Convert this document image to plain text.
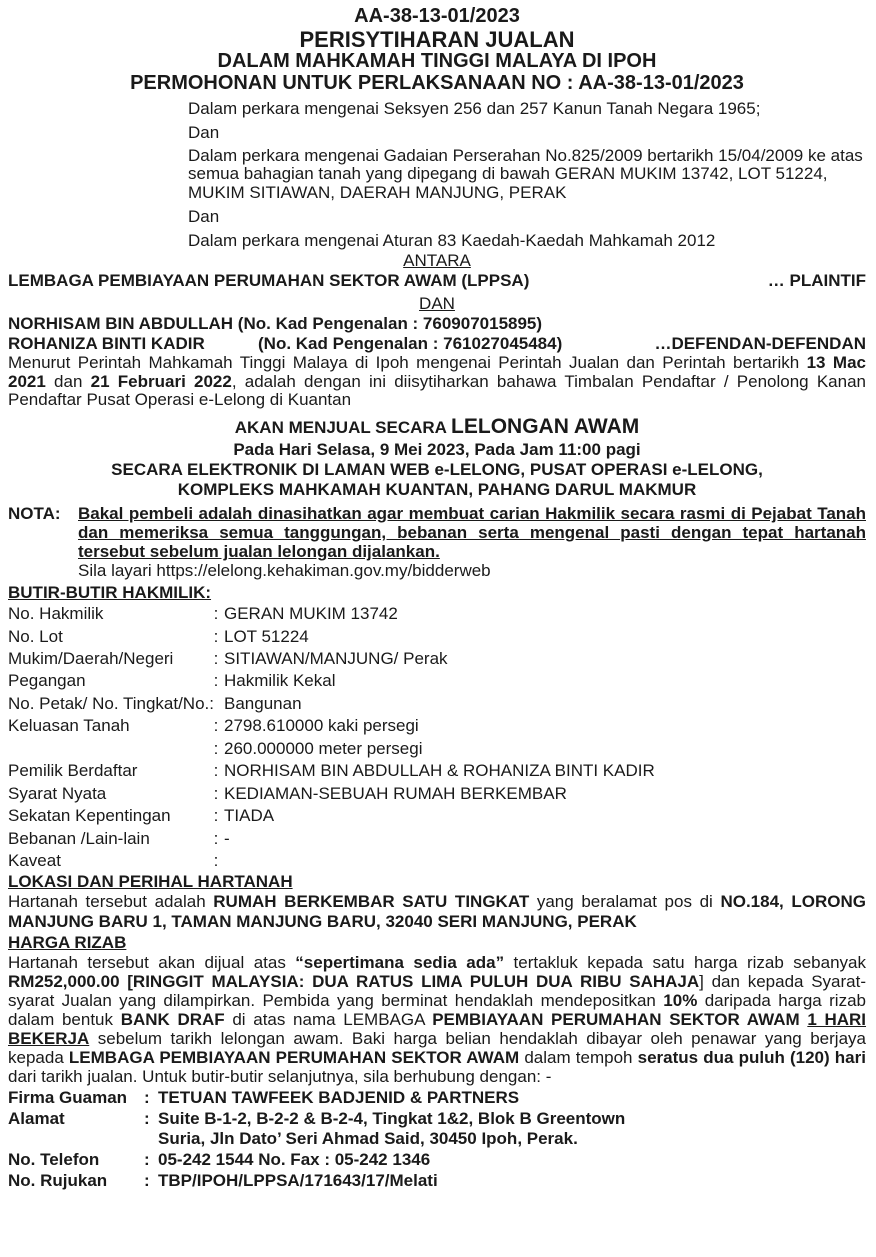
AA-38-13-01/2023
PERISYTIHARAN JUALAN
DALAM MAHKAMAH TINGGI MALAYA DI IPOH
PERMOHONAN UNTUK PERLAKSANAAN NO : AA-38-13-01/2023
Dalam perkara mengenai Seksyen 256 dan 257 Kanun Tanah Negara 1965;
Dan
Dalam perkara mengenai Gadaian Perserahan No.825/2009 bertarikh 15/04/2009 ke atas semua bahagian tanah yang dipegang di bawah GERAN MUKIM 13742, LOT 51224, MUKIM SITIAWAN, DAERAH MANJUNG, PERAK
Dan
Dalam perkara mengenai Aturan 83 Kaedah-Kaedah Mahkamah 2012
ANTARA
LEMBAGA PEMBIAYAAN PERUMAHAN SEKTOR AWAM (LPPSA)	… PLAINTIF
DAN
NORHISAM BIN ABDULLAH (No. Kad Pengenalan : 760907015895)
ROHANIZA BINTI KADIR	(No. Kad Pengenalan : 761027045484)	…DEFENDAN-DEFENDAN
Menurut Perintah Mahkamah Tinggi Malaya di Ipoh mengenai Perintah Jualan dan Perintah bertarikh 13 Mac 2021 dan 21 Februari 2022, adalah dengan ini diisytiharkan bahawa Timbalan Pendaftar / Penolong Kanan Pendaftar Pusat Operasi e-Lelong di Kuantan
AKAN MENJUAL SECARA LELONGAN AWAM
Pada Hari Selasa, 9 Mei 2023, Pada Jam 11:00 pagi
SECARA ELEKTRONIK DI LAMAN WEB e-LELONG, PUSAT OPERASI e-LELONG,
KOMPLEKS MAHKAMAH KUANTAN, PAHANG DARUL MAKMUR
NOTA:	Bakal pembeli adalah dinasihatkan agar membuat carian Hakmilik secara rasmi di Pejabat Tanah dan memeriksa semua tanggungan, bebanan serta mengenal pasti dengan tepat hartanah tersebut sebelum jualan lelongan dijalankan.
Sila layari https://elelong.kehakiman.gov.my/bidderweb
BUTIR-BUTIR HAKMILIK:
No. Hakmilik	:	GERAN MUKIM 13742
No. Lot	:	LOT 51224
Mukim/Daerah/Negeri	:	SITIAWAN/MANJUNG/ Perak
Pegangan	:	Hakmilik Kekal
No. Petak/ No. Tingkat/No.:		Bangunan
Keluasan Tanah	:	2798.610000 kaki persegi
	:	260.000000 meter persegi
Pemilik Berdaftar	:	NORHISAM BIN ABDULLAH & ROHANIZA BINTI KADIR
Syarat Nyata	:	KEDIAMAN-SEBUAH RUMAH BERKEMBAR
Sekatan Kepentingan	:	TIADA
Bebanan /Lain-lain	:	-
Kaveat	:	
LOKASI DAN PERIHAL HARTANAH
Hartanah tersebut adalah RUMAH BERKEMBAR SATU TINGKAT yang beralamat pos di NO.184, LORONG MANJUNG BARU 1, TAMAN MANJUNG BARU, 32040 SERI MANJUNG, PERAK
HARGA RIZAB
Hartanah tersebut akan dijual atas “sepertimana sedia ada” tertakluk kepada satu harga rizab sebanyak RM252,000.00 [RINGGIT MALAYSIA: DUA RATUS LIMA PULUH DUA RIBU SAHAJA] dan kepada Syarat-syarat Jualan yang dilampirkan. Pembida yang berminat hendaklah mendepositkan 10% daripada harga rizab dalam bentuk BANK DRAF di atas nama LEMBAGA PEMBIAYAAN PERUMAHAN SEKTOR AWAM 1 HARI BEKERJA sebelum tarikh lelongan awam. Baki harga belian hendaklah dibayar oleh penawar yang berjaya kepada LEMBAGA PEMBIAYAAN PERUMAHAN SEKTOR AWAM dalam tempoh seratus dua puluh (120) hari dari tarikh jualan. Untuk butir-butir selanjutnya, sila berhubung dengan: -
Firma Guaman	:	TETUAN TAWFEEK BADJENID & PARTNERS
Alamat	:	Suite B-1-2, B-2-2 & B-2-4, Tingkat 1&2, Blok B Greentown
		Suria, Jln Dato’ Seri Ahmad Said, 30450 Ipoh, Perak.
No. Telefon	:	05-242 1544 No. Fax : 05-242 1346
No. Rujukan	:	TBP/IPOH/LPPSA/171643/17/Melati
